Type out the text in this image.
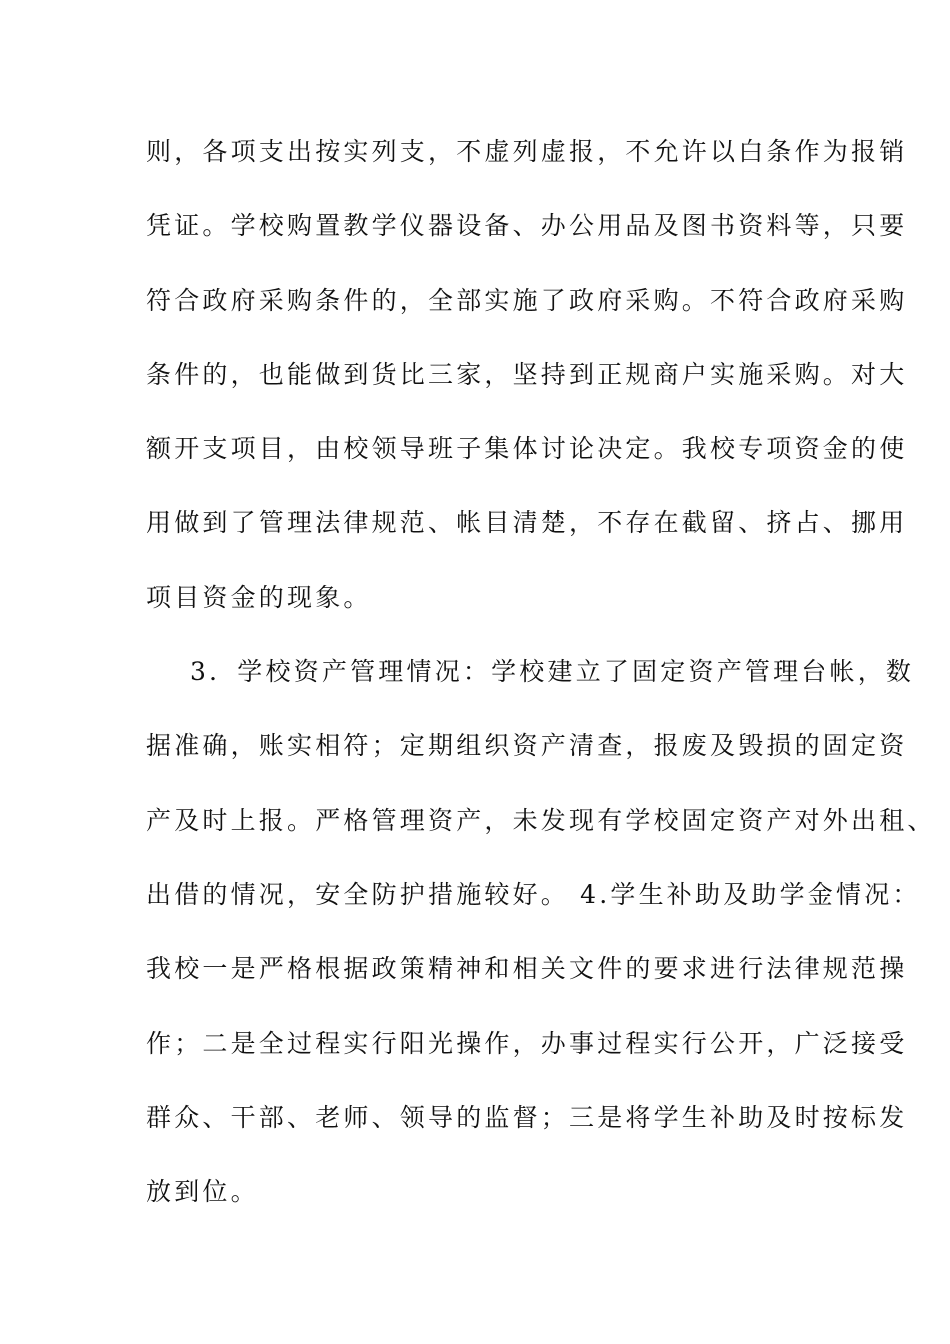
则，各项支出按实列支，不虚列虚报，不允许以白条作为报销
凭证。学校购置教学仪器设备、办公用品及图书资料等，只要
符合政府采购条件的，全部实施了政府采购。不符合政府采购
条件的，也能做到货比三家，坚持到正规商户实施采购。对大
额开支项目，由校领导班子集体讨论决定。我校专项资金的使
用做到了管理法律规范、帐目清楚，不存在截留、挤占、挪用
项目资金的现象。
3．学校资产管理情况：学校建立了固定资产管理台帐，数
据准确，账实相符；定期组织资产清查，报废及毁损的固定资
产及时上报。严格管理资产，未发现有学校固定资产对外出租、
出借的情况，安全防护措施较好。 4.学生补助及助学金情况：
我校一是严格根据政策精神和相关文件的要求进行法律规范操
作；二是全过程实行阳光操作，办事过程实行公开，广泛接受
群众、干部、老师、领导的监督；三是将学生补助及时按标发
放到位。
